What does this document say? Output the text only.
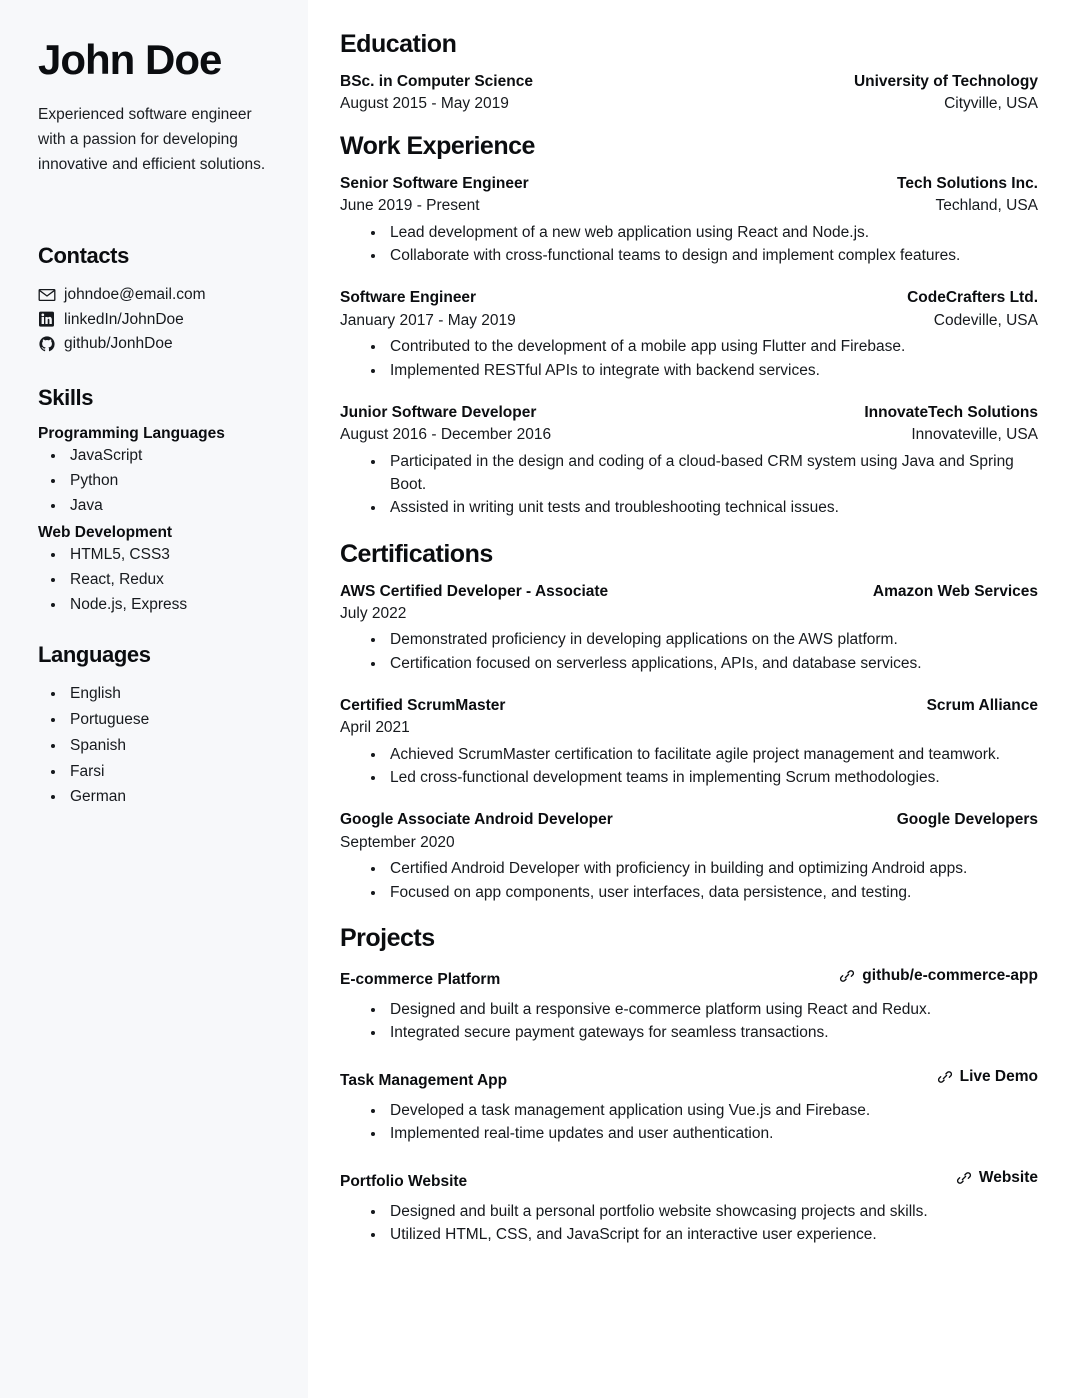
John Doe

Experienced software engineer with a passion for developing innovative and efficient solutions.

Contacts
johndoe@email.com
linkedIn/JohnDoe
github/JonhDoe
Skills
Programming Languages
• JavaScript
• Python
• Java
Web Development
• HTML5, CSS3
• React, Redux
• Node.js, Express
Languages
• English
• Portuguese
• Spanish
• Farsi
• German
Education
BSc. in Computer Science	University of Technology
August 2015 - May 2019	Cityville, USA
Work Experience
Senior Software Engineer	Tech Solutions Inc.
June 2019 - Present	Techland, USA
• Lead development of a new web application using React and Node.js.
• Collaborate with cross-functional teams to design and implement complex features.
Software Engineer	CodeCrafters Ltd.
January 2017 - May 2019	Codeville, USA
• Contributed to the development of a mobile app using Flutter and Firebase.
• Implemented RESTful APIs to integrate with backend services.
Junior Software Developer	InnovateTech Solutions
August 2016 - December 2016	Innovateville, USA
• Participated in the design and coding of a cloud-based CRM system using Java and Spring Boot.
• Assisted in writing unit tests and troubleshooting technical issues.
Certifications
AWS Certified Developer - Associate	Amazon Web Services
July 2022
• Demonstrated proficiency in developing applications on the AWS platform.
• Certification focused on serverless applications, APIs, and database services.
Certified ScrumMaster	Scrum Alliance
April 2021
• Achieved ScrumMaster certification to facilitate agile project management and teamwork.
• Led cross-functional development teams in implementing Scrum methodologies.
Google Associate Android Developer	Google Developers
September 2020
• Certified Android Developer with proficiency in building and optimizing Android apps.
• Focused on app components, user interfaces, data persistence, and testing.
Projects
E-commerce Platform	github/e-commerce-app
• Designed and built a responsive e-commerce platform using React and Redux.
• Integrated secure payment gateways for seamless transactions.
Task Management App	Live Demo
• Developed a task management application using Vue.js and Firebase.
• Implemented real-time updates and user authentication.
Portfolio Website	Website
• Designed and built a personal portfolio website showcasing projects and skills.
• Utilized HTML, CSS, and JavaScript for an interactive user experience.
